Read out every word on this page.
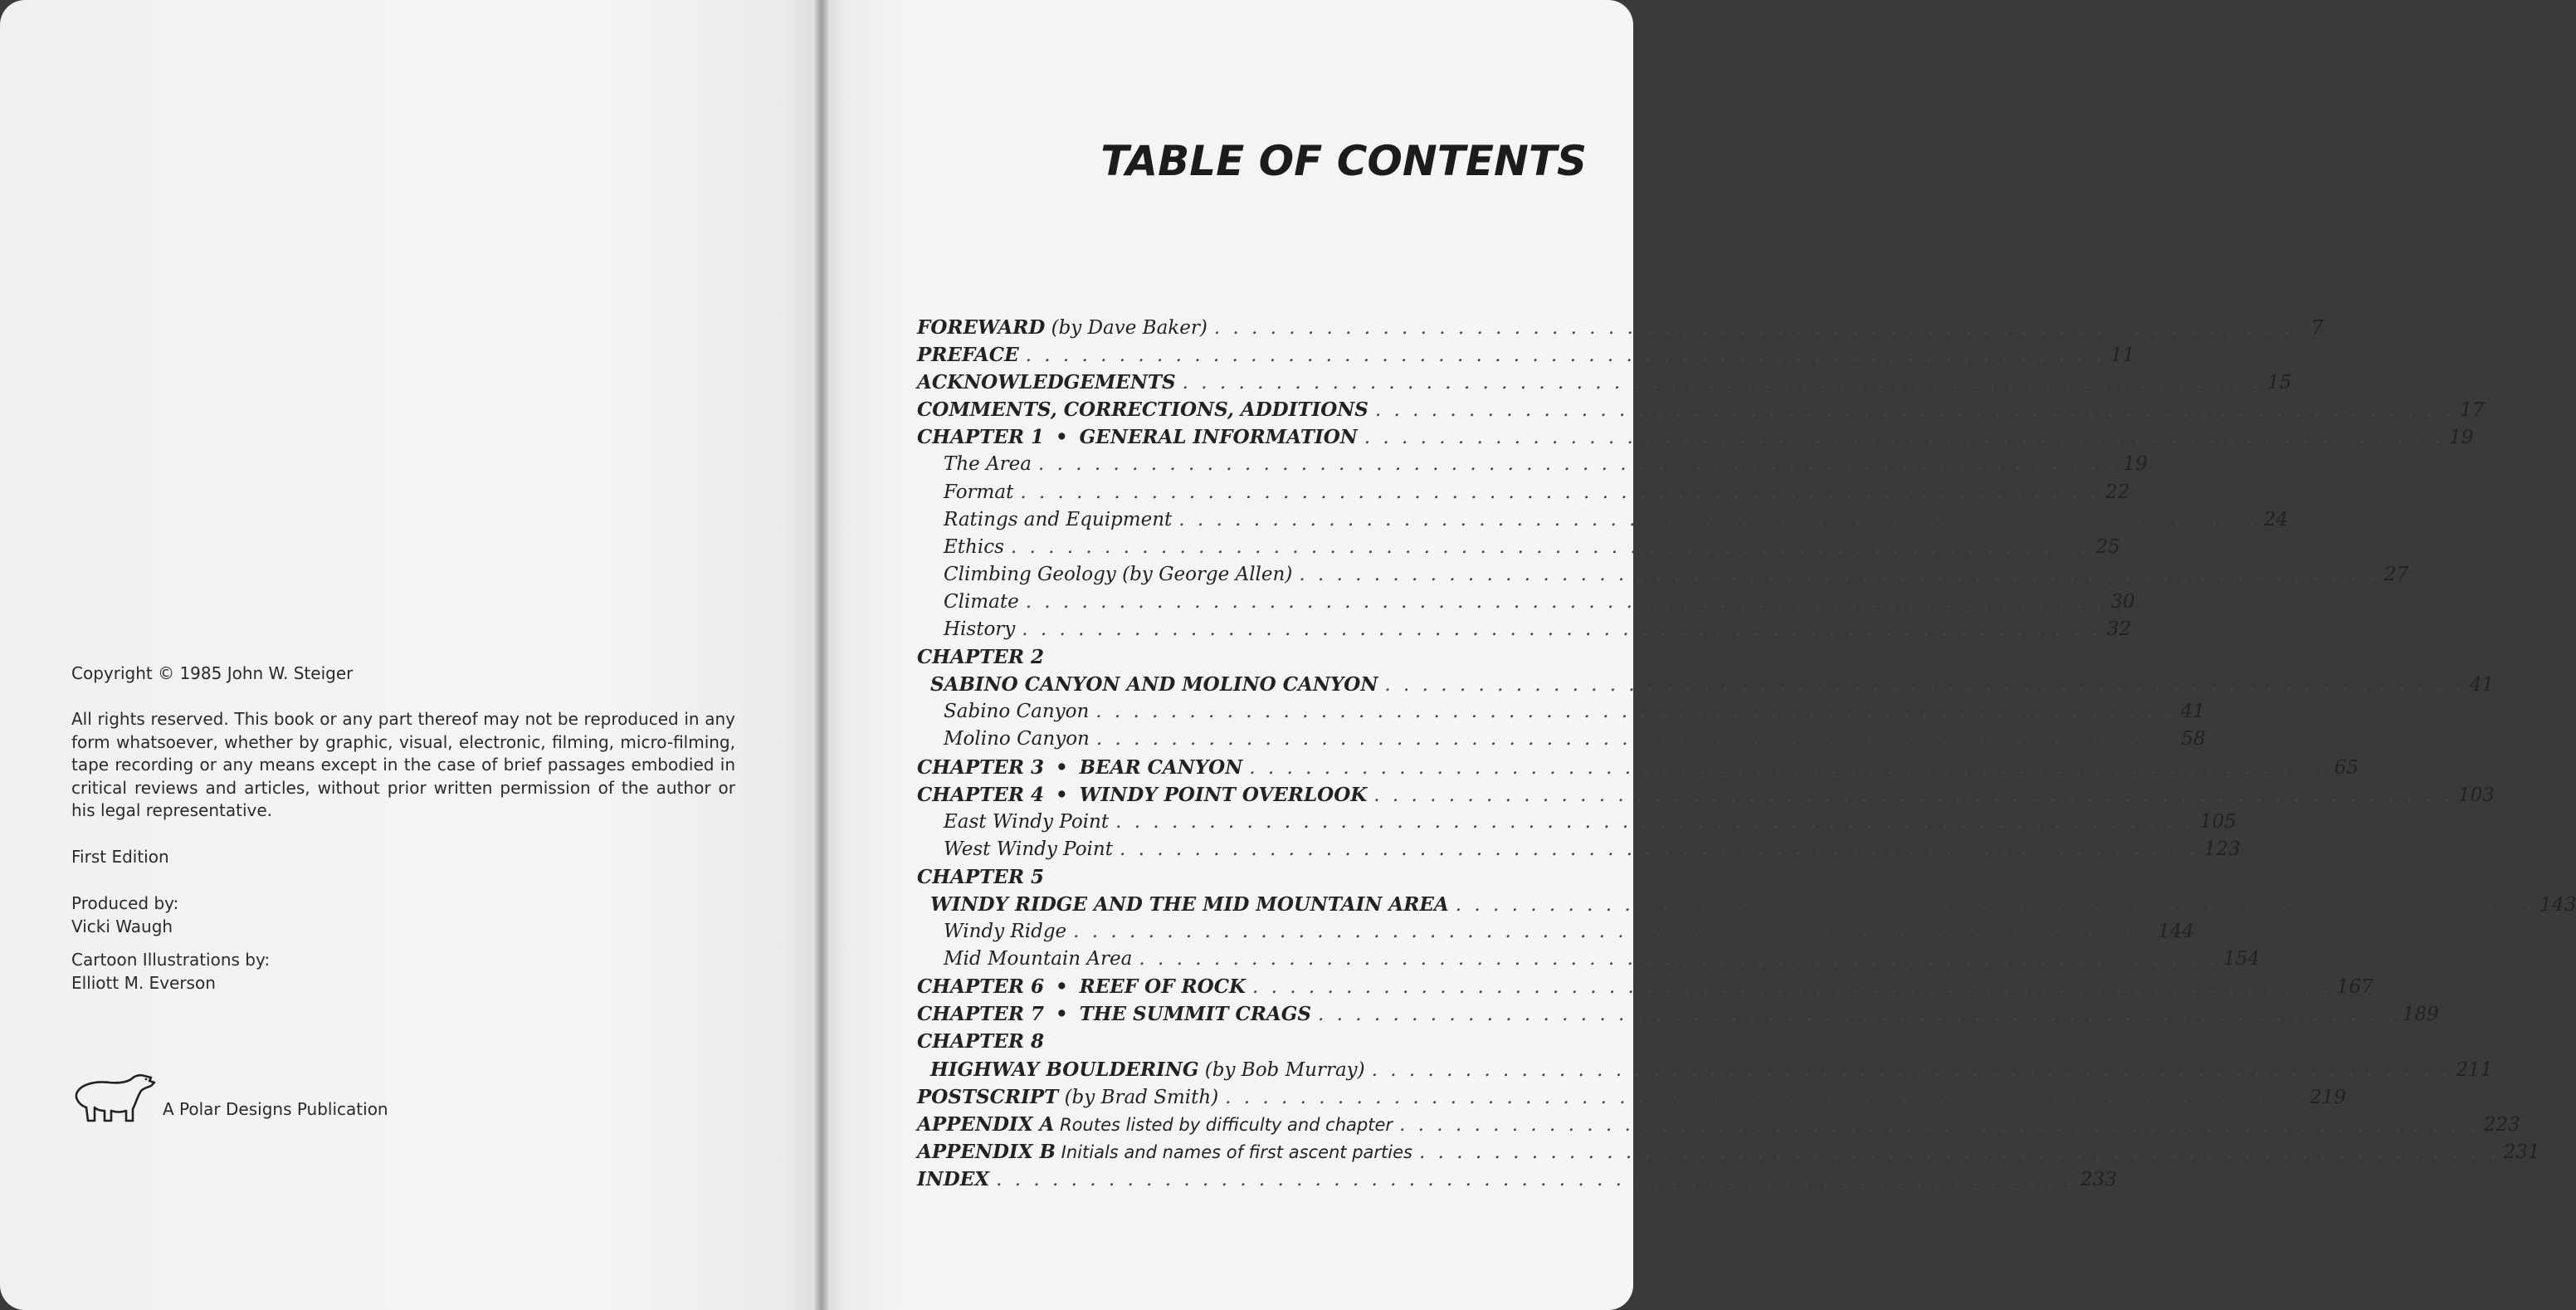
Copyright © 1985 John W. Steiger

All rights reserved. This book or any part thereof may not be reproduced in any form whatsoever, whether by graphic, visual, electronic, filming, micro-filming, tape recording or any means except in the case of brief passages embodied in critical reviews and articles, without prior written permission of the author or his legal representative.

First Edition

Produced by:
Vicki Waugh
Cartoon Illustrations by:
Elliott M. Everson
A Polar Designs Publication
TABLE OF CONTENTS
FOREWARD (by Dave Baker) . . . . . . . . . . . . . . . . . . . . . . . . . . . . . . . . . . . . . . . . . . . . . . . . . . . . . . . . . . 7
PREFACE . . . . . . . . . . . . . . . . . . . . . . . . . . . . . . . . . . . . . . . . . . . . . . . . . . . . . . . . . . 11
ACKNOWLEDGEMENTS . . . . . . . . . . . . . . . . . . . . . . . . . . . . . . . . . . . . . . . . . . . . . . . . . . . . . . . . . . 15
COMMENTS, CORRECTIONS, ADDITIONS . . . . . . . . . . . . . . . . . . . . . . . . . . . . . . . . . . . . . . . . . . . . . . . . . . . . . . . . . . 17
CHAPTER 1 • GENERAL INFORMATION . . . . . . . . . . . . . . . . . . . . . . . . . . . . . . . . . . . . . . . . . . . . . . . . . . . . . . . . . . 19
The Area . . . . . . . . . . . . . . . . . . . . . . . . . . . . . . . . . . . . . . . . . . . . . . . . . . . . . . . . . . 19
Format . . . . . . . . . . . . . . . . . . . . . . . . . . . . . . . . . . . . . . . . . . . . . . . . . . . . . . . . . . 22
Ratings and Equipment . . . . . . . . . . . . . . . . . . . . . . . . . . . . . . . . . . . . . . . . . . . . . . . . . . . . . . . . . . 24
Ethics . . . . . . . . . . . . . . . . . . . . . . . . . . . . . . . . . . . . . . . . . . . . . . . . . . . . . . . . . . 25
Climbing Geology (by George Allen) . . . . . . . . . . . . . . . . . . . . . . . . . . . . . . . . . . . . . . . . . . . . . . . . . . . . . . . . . . 27
Climate . . . . . . . . . . . . . . . . . . . . . . . . . . . . . . . . . . . . . . . . . . . . . . . . . . . . . . . . . . 30
History . . . . . . . . . . . . . . . . . . . . . . . . . . . . . . . . . . . . . . . . . . . . . . . . . . . . . . . . . . 32
CHAPTER 2
SABINO CANYON AND MOLINO CANYON . . . . . . . . . . . . . . . . . . . . . . . . . . . . . . . . . . . . . . . . . . . . . . . . . . . . . . . . . . 41
Sabino Canyon . . . . . . . . . . . . . . . . . . . . . . . . . . . . . . . . . . . . . . . . . . . . . . . . . . . . . . . . . . 41
Molino Canyon . . . . . . . . . . . . . . . . . . . . . . . . . . . . . . . . . . . . . . . . . . . . . . . . . . . . . . . . . . 58
CHAPTER 3 • BEAR CANYON . . . . . . . . . . . . . . . . . . . . . . . . . . . . . . . . . . . . . . . . . . . . . . . . . . . . . . . . . . 65
CHAPTER 4 • WINDY POINT OVERLOOK . . . . . . . . . . . . . . . . . . . . . . . . . . . . . . . . . . . . . . . . . . . . . . . . . . . . . . . . . . 103
East Windy Point . . . . . . . . . . . . . . . . . . . . . . . . . . . . . . . . . . . . . . . . . . . . . . . . . . . . . . . . . . 105
West Windy Point . . . . . . . . . . . . . . . . . . . . . . . . . . . . . . . . . . . . . . . . . . . . . . . . . . . . . . . . . . 123
CHAPTER 5
WINDY RIDGE AND THE MID MOUNTAIN AREA . . . . . . . . . . . . . . . . . . . . . . . . . . . . . . . . . . . . . . . . . . . . . . . . . . . . . . . . . . 143
Windy Ridge . . . . . . . . . . . . . . . . . . . . . . . . . . . . . . . . . . . . . . . . . . . . . . . . . . . . . . . . . . 144
Mid Mountain Area . . . . . . . . . . . . . . . . . . . . . . . . . . . . . . . . . . . . . . . . . . . . . . . . . . . . . . . . . . 154
CHAPTER 6 • REEF OF ROCK . . . . . . . . . . . . . . . . . . . . . . . . . . . . . . . . . . . . . . . . . . . . . . . . . . . . . . . . . . 167
CHAPTER 7 • THE SUMMIT CRAGS . . . . . . . . . . . . . . . . . . . . . . . . . . . . . . . . . . . . . . . . . . . . . . . . . . . . . . . . . . 189
CHAPTER 8
HIGHWAY BOULDERING (by Bob Murray) . . . . . . . . . . . . . . . . . . . . . . . . . . . . . . . . . . . . . . . . . . . . . . . . . . . . . . . . . . 211
POSTSCRIPT (by Brad Smith) . . . . . . . . . . . . . . . . . . . . . . . . . . . . . . . . . . . . . . . . . . . . . . . . . . . . . . . . . . 219
APPENDIX A Routes listed by difficulty and chapter . . . . . . . . . . . . . . . . . . . . . . . . . . . . . . . . . . . . . . . . . . . . . . . . . . . . . . . . . . 223
APPENDIX B Initials and names of first ascent parties . . . . . . . . . . . . . . . . . . . . . . . . . . . . . . . . . . . . . . . . . . . . . . . . . . . . . . . . . . 231
INDEX . . . . . . . . . . . . . . . . . . . . . . . . . . . . . . . . . . . . . . . . . . . . . . . . . . . . . . . . . . 233
